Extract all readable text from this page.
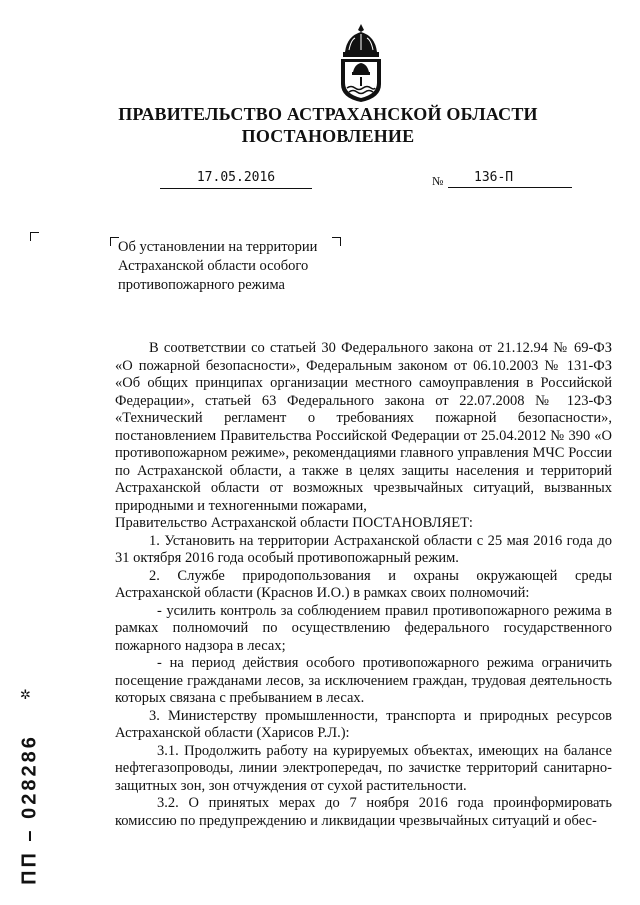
ПРАВИТЕЛЬСТВО АСТРАХАНСКОЙ ОБЛАСТИ
ПОСТАНОВЛЕНИЕ
17.05.2016	№	136-П
Об установлении на территории Астраханской области особого противопожарного режима

В соответствии со статьей 30 Федерального закона от 21.12.94 № 69-ФЗ «О пожарной безопасности», Федеральным законом от 06.10.2003 № 131-ФЗ «Об общих принципах организации местного самоуправления в Российской Федерации», статьей 63 Федерального закона от 22.07.2008 № 123-ФЗ «Технический регламент о требованиях пожарной безопасности», постановлением Правительства Российской Федерации от 25.04.2012 № 390 «О противопожарном режиме», рекомендациями главного управления МЧС России по Астраханской области, а также в целях защиты населения и территорий Астраханской области от возможных чрезвычайных ситуаций, вызванных природными и техногенными пожарами,

Правительство Астраханской области ПОСТАНОВЛЯЕТ:

1. Установить на территории Астраханской области с 25 мая 2016 года до 31 октября 2016 года особый противопожарный режим.

2. Службе природопользования и охраны окружающей среды Астраханской области (Краснов И.О.) в рамках своих полномочий:

- усилить контроль за соблюдением правил противопожарного режима в рамках полномочий по осуществлению федерального государственного пожарного надзора в лесах;

- на период действия особого противопожарного режима ограничить посещение гражданами лесов, за исключением граждан, трудовая деятельность которых связана с пребыванием в лесах.

3. Министерству промышленности, транспорта и природных ресурсов Астраханской области (Харисов Р.Л.):

3.1. Продолжить работу на курируемых объектах, имеющих на балансе нефтегазопроводы, линии электропередач, по зачистке территорий санитарно-защитных зон, зон отчуждения от сухой растительности.

3.2. О принятых мерах до 7 ноября 2016 года проинформировать комиссию по предупреждению и ликвидации чрезвычайных ситуаций и обес-

✲
ПП – 028286
